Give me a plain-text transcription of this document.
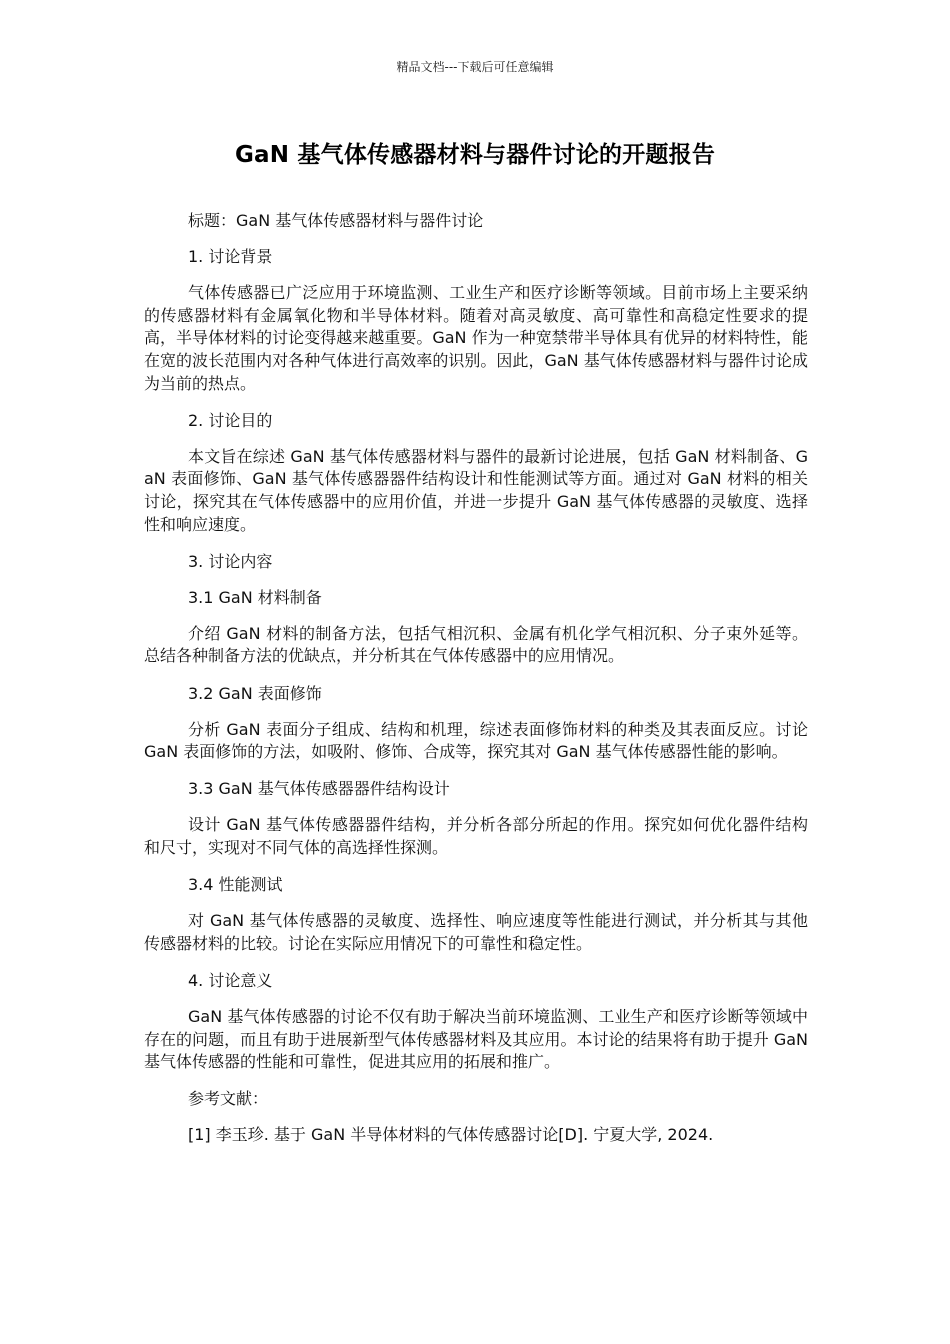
精品文档---下载后可任意编辑
GaN 基气体传感器材料与器件讨论的开题报告

标题：GaN 基气体传感器材料与器件讨论

1. 讨论背景

气体传感器已广泛应用于环境监测、工业生产和医疗诊断等领域。目前市场上主要采纳的传感器材料有金属氧化物和半导体材料。随着对高灵敏度、高可靠性和高稳定性要求的提高，半导体材料的讨论变得越来越重要。GaN 作为一种宽禁带半导体具有优异的材料特性，能在宽的波长范围内对各种气体进行高效率的识别。因此，GaN 基气体传感器材料与器件讨论成为当前的热点。

2. 讨论目的

本文旨在综述 GaN 基气体传感器材料与器件的最新讨论进展，包括 GaN 材料制备、GaN 表面修饰、GaN 基气体传感器器件结构设计和性能测试等方面。通过对 GaN 材料的相关讨论，探究其在气体传感器中的应用价值，并进一步提升 GaN 基气体传感器的灵敏度、选择性和响应速度。

3. 讨论内容

3.1 GaN 材料制备

介绍 GaN 材料的制备方法，包括气相沉积、金属有机化学气相沉积、分子束外延等。总结各种制备方法的优缺点，并分析其在气体传感器中的应用情况。

3.2 GaN 表面修饰

分析 GaN 表面分子组成、结构和机理，综述表面修饰材料的种类及其表面反应。讨论 GaN 表面修饰的方法，如吸附、修饰、合成等，探究其对 GaN 基气体传感器性能的影响。

3.3 GaN 基气体传感器器件结构设计

设计 GaN 基气体传感器器件结构，并分析各部分所起的作用。探究如何优化器件结构和尺寸，实现对不同气体的高选择性探测。

3.4 性能测试

对 GaN 基气体传感器的灵敏度、选择性、响应速度等性能进行测试，并分析其与其他传感器材料的比较。讨论在实际应用情况下的可靠性和稳定性。

4. 讨论意义

GaN 基气体传感器的讨论不仅有助于解决当前环境监测、工业生产和医疗诊断等领域中存在的问题，而且有助于进展新型气体传感器材料及其应用。本讨论的结果将有助于提升 GaN 基气体传感器的性能和可靠性，促进其应用的拓展和推广。

参考文献：

[1] 李玉珍. 基于 GaN 半导体材料的气体传感器讨论[D]. 宁夏大学, 2024.
